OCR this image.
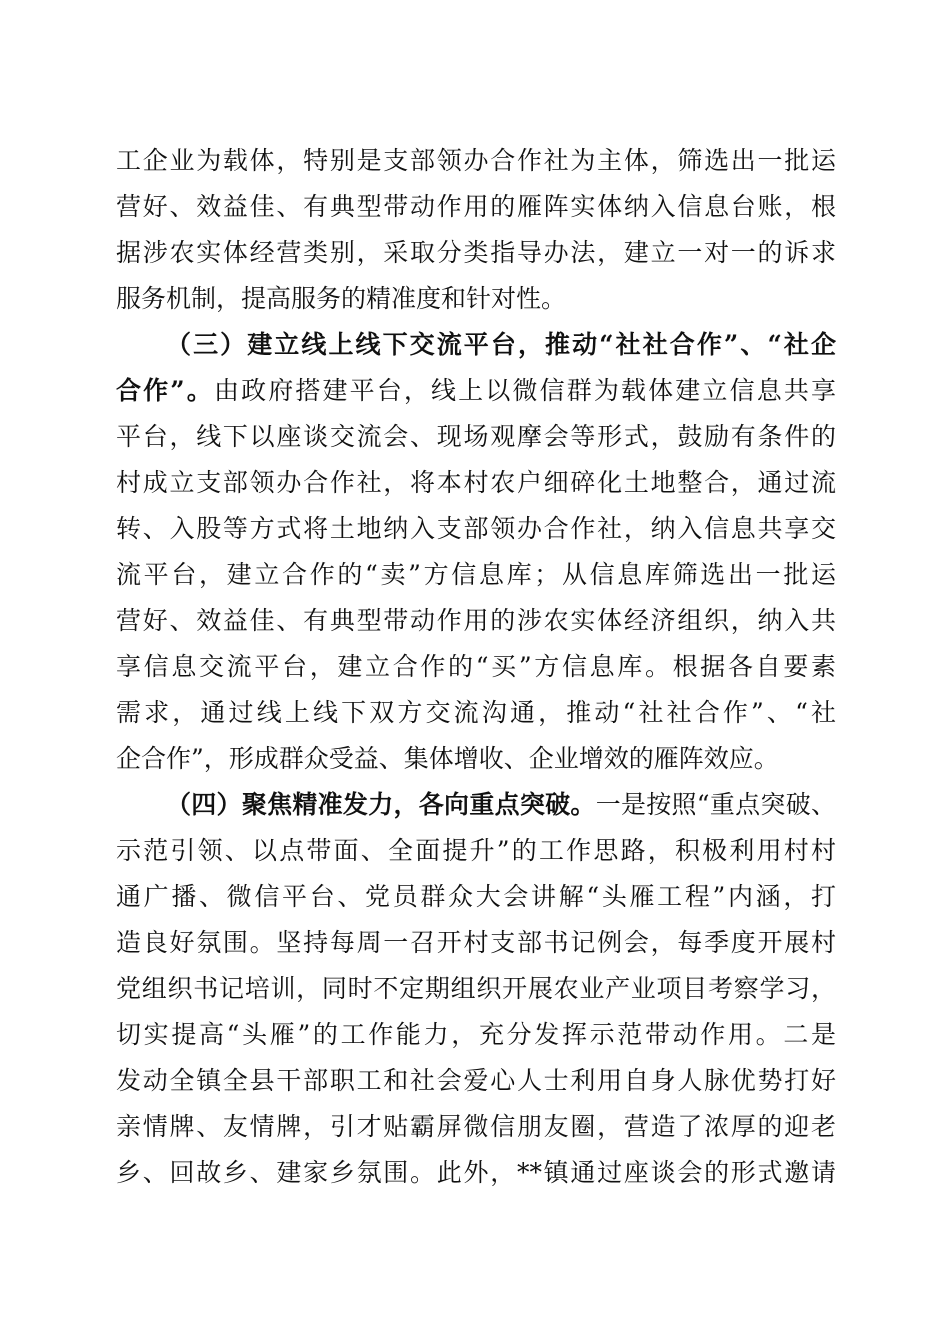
工企业为载体，特别是支部领办合作社为主体，筛选出一批运
营好、效益佳、有典型带动作用的雁阵实体纳入信息台账，根
据涉农实体经营类别，采取分类指导办法，建立一对一的诉求
服务机制，提高服务的精准度和针对性。
（三）建立线上线下交流平台，推动“社社合作”、“社企
合作”。由政府搭建平台，线上以微信群为载体建立信息共享
平台，线下以座谈交流会、现场观摩会等形式，鼓励有条件的
村成立支部领办合作社，将本村农户细碎化土地整合，通过流
转、入股等方式将土地纳入支部领办合作社，纳入信息共享交
流平台，建立合作的“卖”方信息库；从信息库筛选出一批运
营好、效益佳、有典型带动作用的涉农实体经济组织，纳入共
享信息交流平台，建立合作的“买”方信息库。根据各自要素
需求，通过线上线下双方交流沟通，推动“社社合作”、“社
企合作”，形成群众受益、集体增收、企业增效的雁阵效应。
（四）聚焦精准发力，各向重点突破。一是按照“重点突破、
示范引领、以点带面、全面提升”的工作思路，积极利用村村
通广播、微信平台、党员群众大会讲解“头雁工程”内涵，打
造良好氛围。坚持每周一召开村支部书记例会，每季度开展村
党组织书记培训，同时不定期组织开展农业产业项目考察学习，
切实提高“头雁”的工作能力，充分发挥示范带动作用。二是
发动全镇全县干部职工和社会爱心人士利用自身人脉优势打好
亲情牌、友情牌，引才贴霸屏微信朋友圈，营造了浓厚的迎老
乡、回故乡、建家乡氛围。此外，**镇通过座谈会的形式邀请
